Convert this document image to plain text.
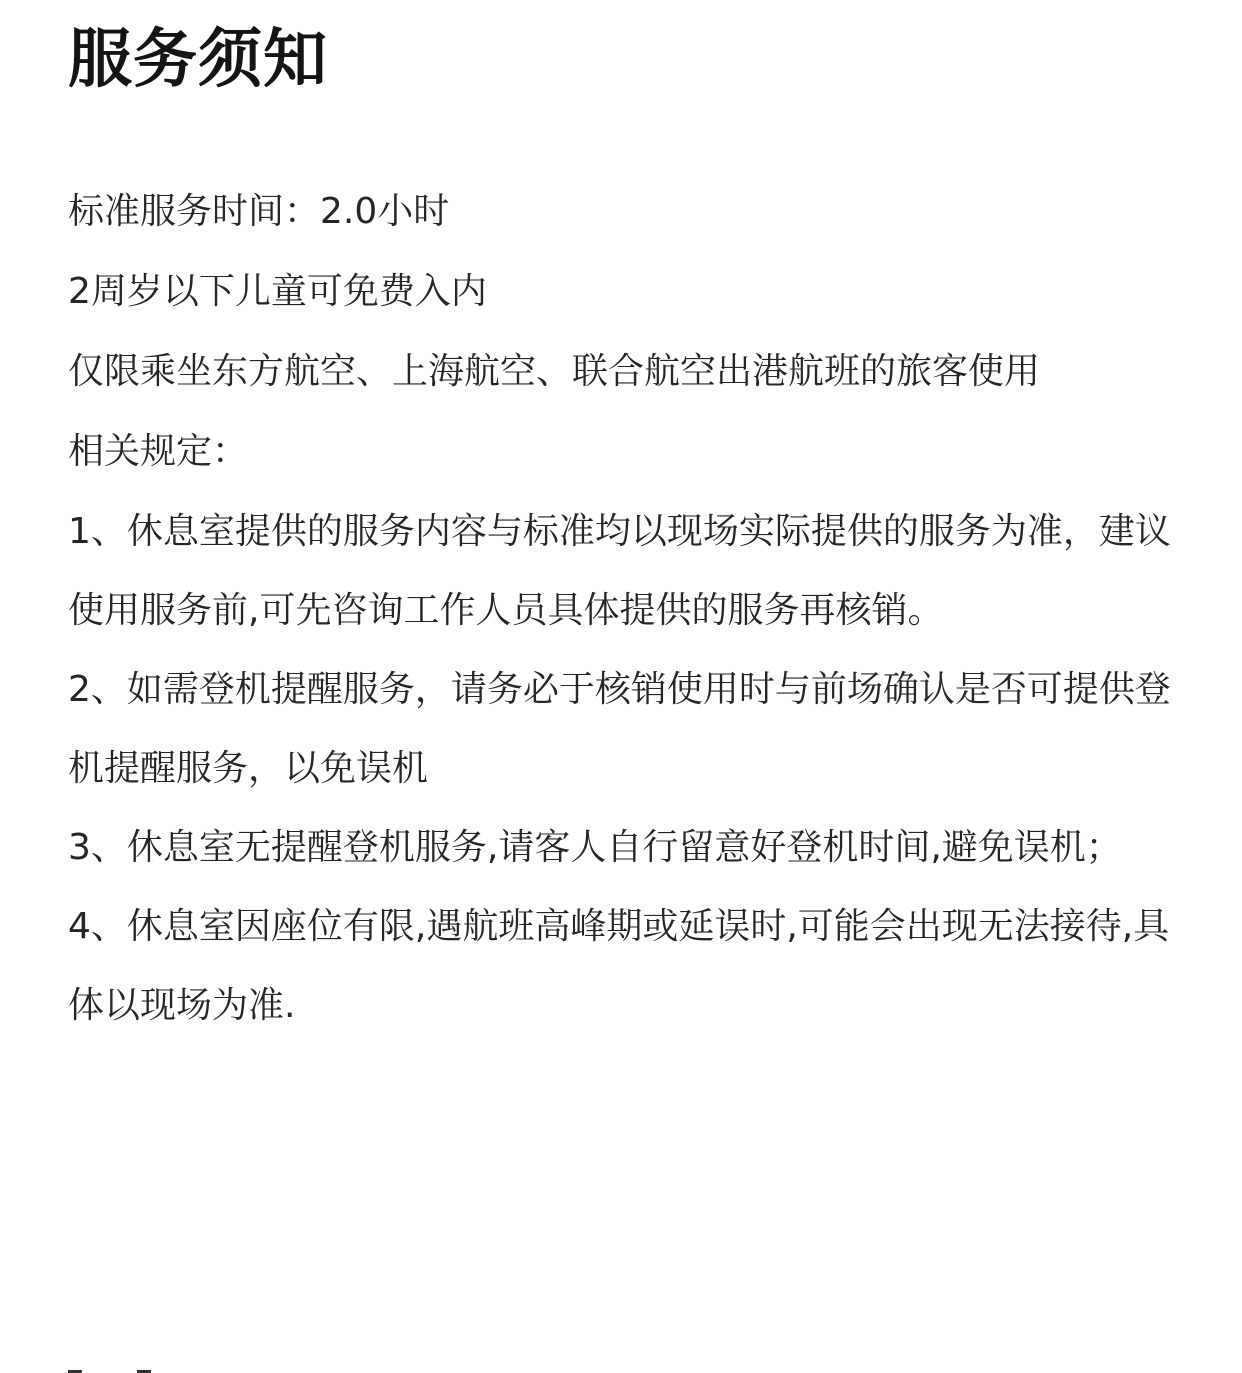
服务须知

标准服务时间：2.0小时

2周岁以下儿童可免费入内

仅限乘坐东方航空、上海航空、联合航空出港航班的旅客使用

相关规定：

1、休息室提供的服务内容与标准均以现场实际提供的服务为准，建议使用服务前,可先咨询工作人员具体提供的服务再核销。

2、如需登机提醒服务，请务必于核销使用时与前场确认是否可提供登机提醒服务，以免误机

3、休息室无提醒登机服务,请客人自行留意好登机时间,避免误机；

4、休息室因座位有限,遇航班高峰期或延误时,可能会出现无法接待,具体以现场为准.
